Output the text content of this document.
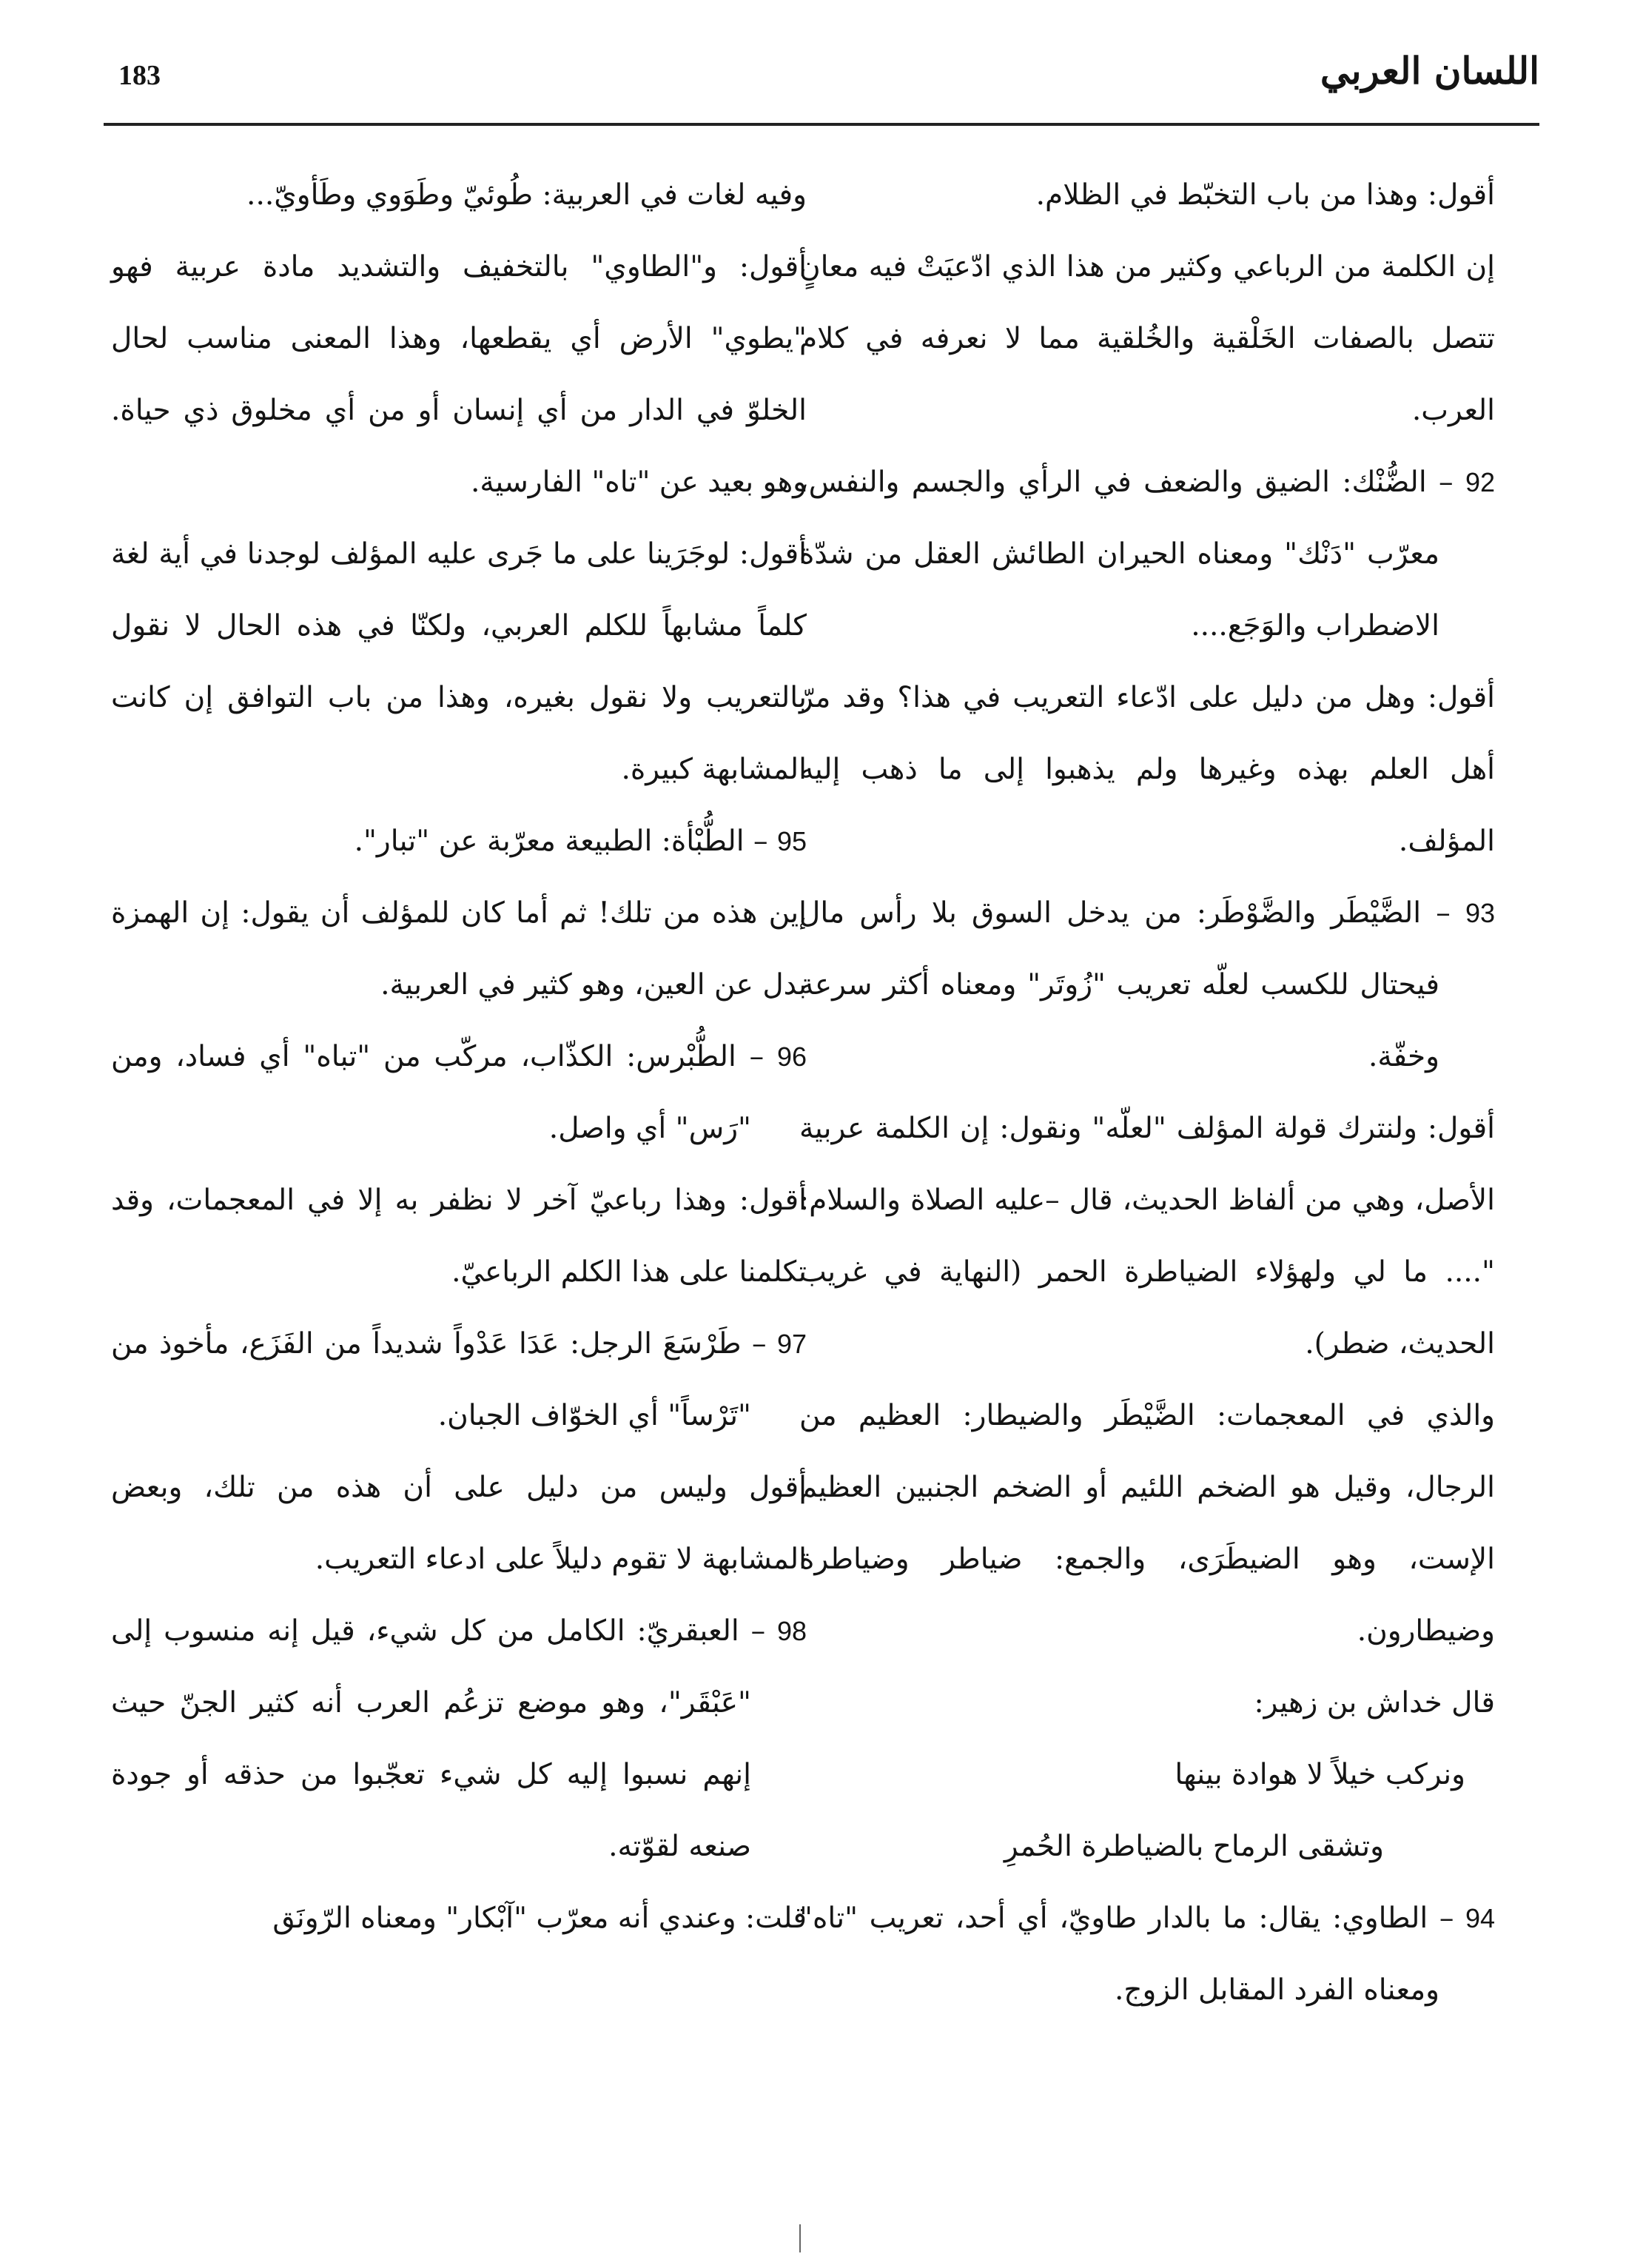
183	اللسان العربي

أقول: وهذا من باب التخبّط في الظلام.

إن الكلمة من الرباعي وكثير من هذا الذي ادّعيَتْ فيه معانٍ تتصل بالصفات الخَلْقية والخُلقية مما لا نعرفه في كلام العرب.

92 – الضُّنْك: الضيق والضعف في الرأي والجسم والنفس، معرّب "دَنْك" ومعناه الحيران الطائش العقل من شدّة الاضطراب والوَجَع....

أقول: وهل من دليل على ادّعاء التعريب في هذا؟ وقد مرّ أهل العلم بهذه وغيرها ولم يذهبوا إلى ما ذهب إليه المؤلف.

93 – الضَّيْطَر والضَّوْطَر: من يدخل السوق بلا رأس مال فيحتال للكسب لعلّه تعريب "زُوتَر" ومعناه أكثر سرعة وخفّة.

أقول: ولنترك قولة المؤلف "لعلّه" ونقول: إن الكلمة عربية الأصل، وهي من ألفاظ الحديث، قال –عليه الصلاة والسلام: ".... ما لي ولهؤلاء الضياطرة الحمر (النهاية في غريب الحديث، ضطر).

والذي في المعجمات: الضَّيْطَر والضيطار: العظيم من الرجال، وقيل هو الضخم اللئيم أو الضخم الجنبين العظيم الإست، وهو الضيطَرَى، والجمع: ضياطر وضياطرة وضيطارون.

قال خداش بن زهير:

ونركب خيلاً لا هوادة بينها

وتشقى الرماح بالضياطرة الحُمرِ

94 – الطاوي: يقال: ما بالدار طاويّ، أي أحد، تعريب "تاه" ومعناه الفرد المقابل الزوج.

وفيه لغات في العربية: طُوئيّ وطَوَوي وطَأويّ...

أقول: و"الطاوي" بالتخفيف والتشديد مادة عربية فهو "يطوي" الأرض أي يقطعها، وهذا المعنى مناسب لحال الخلوّ في الدار من أي إنسان أو من أي مخلوق ذي حياة. وهو بعيد عن "تاه" الفارسية.

أقول: لوجَرَينا على ما جَرى عليه المؤلف لوجدنا في أية لغة كلماً مشابهاً للكلم العربي، ولكنّا في هذه الحال لا نقول بالتعريب ولا نقول بغيره، وهذا من باب التوافق إن كانت المشابهة كبيرة.

95 – الطُّبْأة: الطبيعة معرّبة عن "تبار".

إين هذه من تلك! ثم أما كان للمؤلف أن يقول: إن الهمزة بدل عن العين، وهو كثير في العربية.

96 – الطُّبْرس: الكذّاب، مركّب من "تباه" أي فساد، ومن "رَس" أي واصل.

أقول: وهذا رباعيّ آخر لا نظفر به إلا في المعجمات، وقد تكلمنا على هذا الكلم الرباعيّ.

97 – طَرْسَعَ الرجل: عَدَا عَدْواً شديداً من الفَزَع، مأخوذ من "تَرْساً" أي الخوّاف الجبان.

أقول وليس من دليل على أن هذه من تلك، وبعض المشابهة لا تقوم دليلاً على ادعاء التعريب.

98 – العبقريّ: الكامل من كل شيء، قيل إنه منسوب إلى "عَبْقَر"، وهو موضع تزعُم العرب أنه كثير الجنّ حيث إنهم نسبوا إليه كل شيء تعجّبوا من حذقه أو جودة صنعه لقوّته.

قلت: وعندي أنه معرّب "آبْكار" ومعناه الرّونَق
